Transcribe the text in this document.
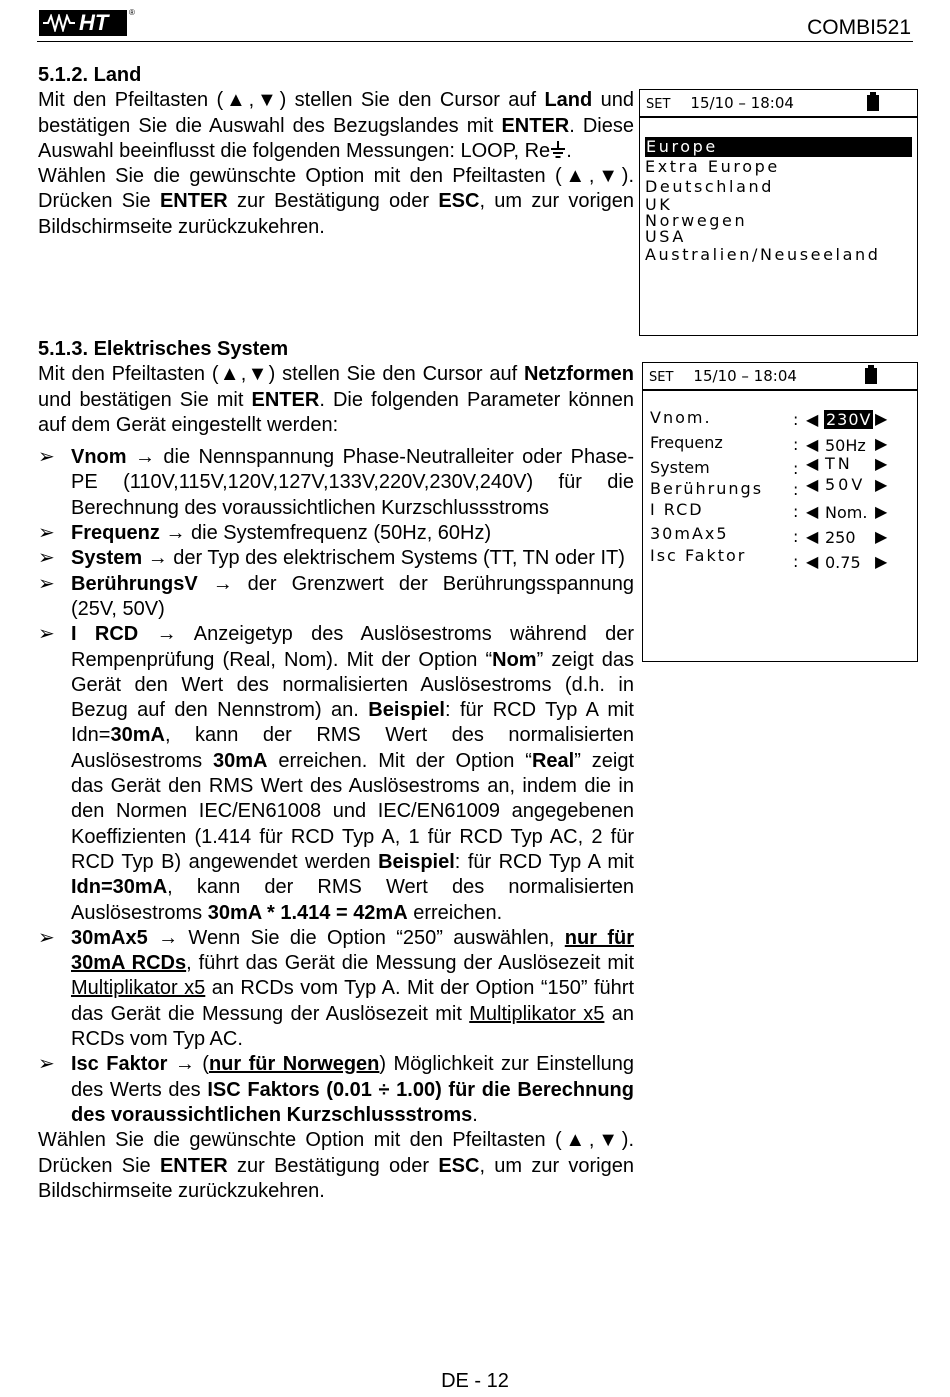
HT	®
COMBI521

5.1.2. Land

Mit den Pfeiltasten (▲,▼) stellen Sie den Cursor auf Land und bestätigen Sie die Auswahl des Bezugslandes mit ENTER. Diese Auswahl beeinflusst die folgenden Messungen: LOOP, Re .

Wählen Sie die gewünschte Option mit den Pfeiltasten (▲,▼). Drücken Sie ENTER zur Bestätigung oder ESC, um zur vorigen Bildschirmseite zurückzukehren.

SET 15/10 – 18:04
Europe
Extra Europe
Deutschland
UK
Norwegen
USA
Australien/Neuseeland

5.1.3. Elektrisches System

Mit den Pfeiltasten (▲,▼) stellen Sie den Cursor auf Netzformen und bestätigen Sie mit ENTER. Die folgenden Parameter können auf dem Gerät eingestellt werden:

➢ Vnom → die Nennspannung Phase-Neutralleiter oder Phase-PE (110V,115V,120V,127V,133V,220V,230V,240V) für die Berechnung des voraussichtlichen Kurzschlussstroms
➢ Frequenz → die Systemfrequenz (50Hz, 60Hz)
➢ System → der Typ des elektrischem Systems (TT, TN oder IT)
➢ BerührungsV → der Grenzwert der Berührungsspannung (25V, 50V)
➢ I RCD → Anzeigetyp des Auslösestroms während der Rempenprüfung (Real, Nom). Mit der Option “Nom” zeigt das Gerät den Wert des normalisierten Auslösestroms (d.h. in Bezug auf den Nennstrom) an. Beispiel: für RCD Typ A mit Idn=30mA, kann der RMS Wert des normalisierten Auslösestroms 30mA erreichen. Mit der Option “Real” zeigt das Gerät den RMS Wert des Auslösestroms an, indem die in den Normen IEC/EN61008 und IEC/EN61009 angegebenen Koeffizienten (1.414 für RCD Typ A, 1 für RCD Typ AC, 2 für RCD Typ B) angewendet werden Beispiel: für RCD Typ A mit Idn=30mA, kann der RMS Wert des normalisierten Auslösestroms 30mA * 1.414 = 42mA erreichen.
➢ 30mAx5 → Wenn Sie die Option “250” auswählen, nur für 30mA RCDs, führt das Gerät die Messung der Auslösezeit mit Multiplikator x5 an RCDs vom Typ A. Mit der Option “150” führt das Gerät die Messung der Auslösezeit mit Multiplikator x5 an RCDs vom Typ AC.
➢ Isc Faktor → (nur für Norwegen) Möglichkeit zur Einstellung des Werts des ISC Faktors (0.01 ÷ 1.00) für die Berechnung des voraussichtlichen Kurzschlussstroms.

Wählen Sie die gewünschte Option mit den Pfeiltasten (▲,▼). Drücken Sie ENTER zur Bestätigung oder ESC, um zur vorigen Bildschirmseite zurückzukehren.

SET 15/10 – 18:04
Vnom.	: ◀ 230V ▶
Frequenz	: ◀ 50Hz ▶
System	: ◀ TN ▶
Berührungs : ◀ 50V ▶
I RCD	: ◀ Nom. ▶
30mAx5	: ◀ 250 ▶
Isc Faktor	: ◀ 0.75 ▶
DE - 12
